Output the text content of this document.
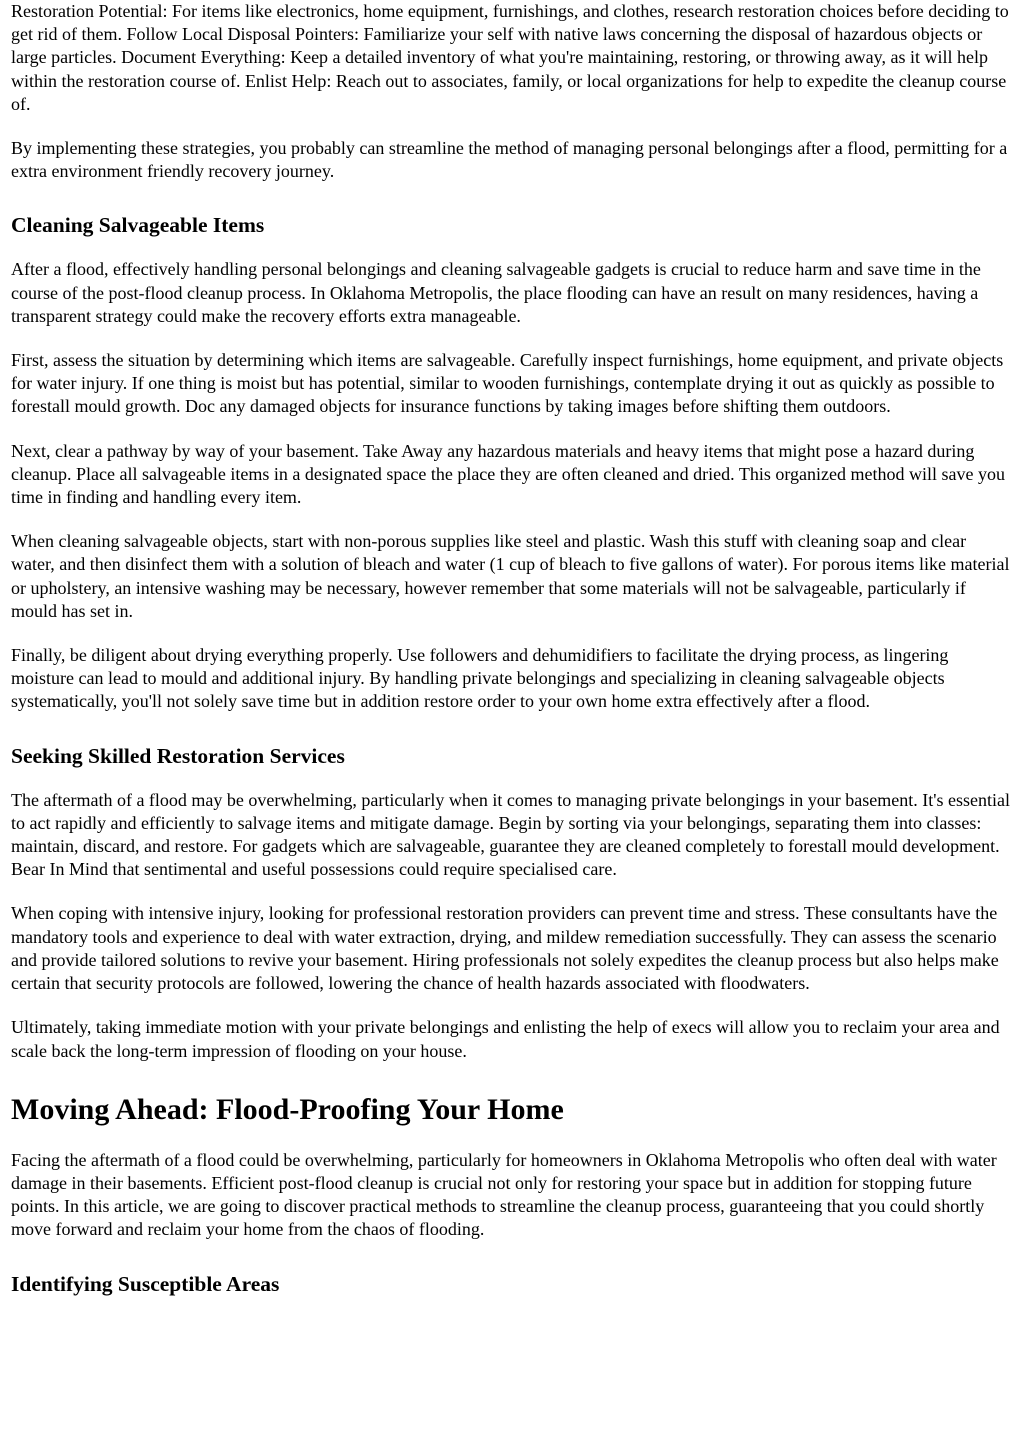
Restoration Potential: For items like electronics, home equipment, furnishings, and clothes, research restoration choices before deciding to get rid of them. Follow Local Disposal Pointers: Familiarize your self with native laws concerning the disposal of hazardous objects or large particles. Document Everything: Keep a detailed inventory of what you're maintaining, restoring, or throwing away, as it will help within the restoration course of. Enlist Help: Reach out to associates, family, or local organizations for help to expedite the cleanup course of.

By implementing these strategies, you probably can streamline the method of managing personal belongings after a flood, permitting for a extra environment friendly recovery journey.

Cleaning Salvageable Items

After a flood, effectively handling personal belongings and cleaning salvageable gadgets is crucial to reduce harm and save time in the course of the post-flood cleanup process. In Oklahoma Metropolis, the place flooding can have an result on many residences, having a transparent strategy could make the recovery efforts extra manageable.

First, assess the situation by determining which items are salvageable. Carefully inspect furnishings, home equipment, and private objects for water injury. If one thing is moist but has potential, similar to wooden furnishings, contemplate drying it out as quickly as possible to forestall mould growth. Doc any damaged objects for insurance functions by taking images before shifting them outdoors.

Next, clear a pathway by way of your basement. Take Away any hazardous materials and heavy items that might pose a hazard during cleanup. Place all salvageable items in a designated space the place they are often cleaned and dried. This organized method will save you time in finding and handling every item.

When cleaning salvageable objects, start with non-porous supplies like steel and plastic. Wash this stuff with cleaning soap and clear water, and then disinfect them with a solution of bleach and water (1 cup of bleach to five gallons of water). For porous items like material or upholstery, an intensive washing may be necessary, however remember that some materials will not be salvageable, particularly if mould has set in.

Finally, be diligent about drying everything properly. Use followers and dehumidifiers to facilitate the drying process, as lingering moisture can lead to mould and additional injury. By handling private belongings and specializing in cleaning salvageable objects systematically, you'll not solely save time but in addition restore order to your own home extra effectively after a flood.

Seeking Skilled Restoration Services

The aftermath of a flood may be overwhelming, particularly when it comes to managing private belongings in your basement. It's essential to act rapidly and efficiently to salvage items and mitigate damage. Begin by sorting via your belongings, separating them into classes: maintain, discard, and restore. For gadgets which are salvageable, guarantee they are cleaned completely to forestall mould development. Bear In Mind that sentimental and useful possessions could require specialised care.

When coping with intensive injury, looking for professional restoration providers can prevent time and stress. These consultants have the mandatory tools and experience to deal with water extraction, drying, and mildew remediation successfully. They can assess the scenario and provide tailored solutions to revive your basement. Hiring professionals not solely expedites the cleanup process but also helps make certain that security protocols are followed, lowering the chance of health hazards associated with floodwaters.

Ultimately, taking immediate motion with your private belongings and enlisting the help of execs will allow you to reclaim your area and scale back the long-term impression of flooding on your house.

Moving Ahead: Flood-Proofing Your Home

Facing the aftermath of a flood could be overwhelming, particularly for homeowners in Oklahoma Metropolis who often deal with water damage in their basements. Efficient post-flood cleanup is crucial not only for restoring your space but in addition for stopping future points. In this article, we are going to discover practical methods to streamline the cleanup process, guaranteeing that you could shortly move forward and reclaim your home from the chaos of flooding.

Identifying Susceptible Areas
